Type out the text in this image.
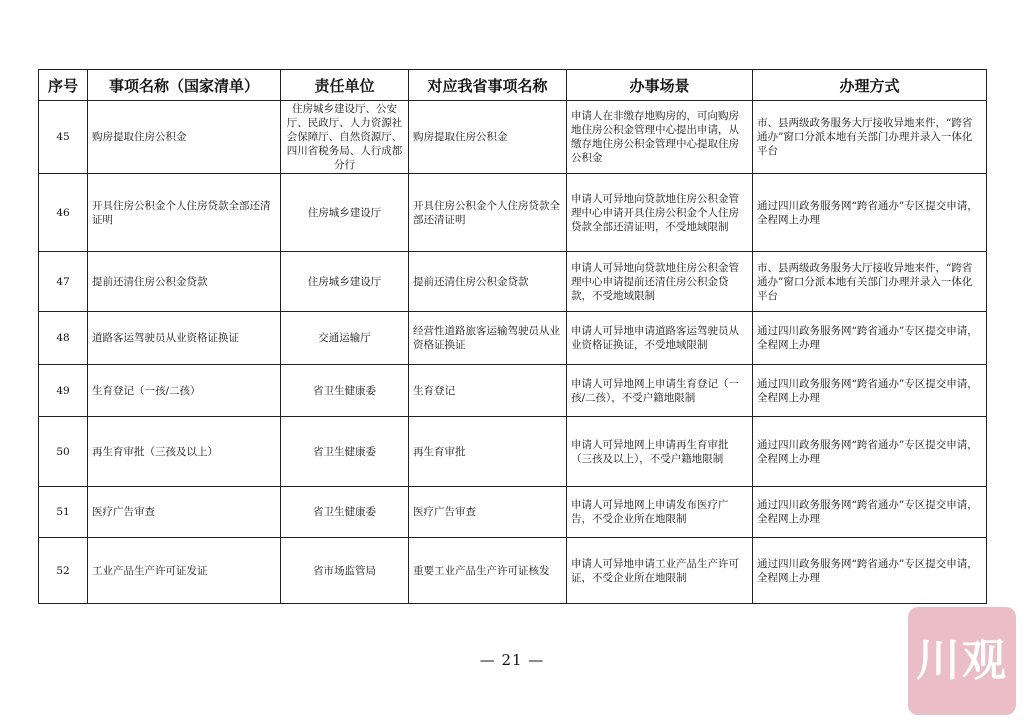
序号	事项名称（国家清单）	责任单位	对应我省事项名称	办事场景	办理方式
45	购房提取住房公积金	住房城乡建设厅、公安厅、民政厅、人力资源社会保障厅、自然资源厅、四川省税务局、人行成都分行	购房提取住房公积金	申请人在非缴存地购房的，可向购房地住房公积金管理中心提出申请，从缴存地住房公积金管理中心提取住房公积金	市、县两级政务服务大厅接收异地来件，“跨省通办”窗口分派本地有关部门办理并录入一体化平台
46	开具住房公积金个人住房贷款全部还清证明	住房城乡建设厅	开具住房公积金个人住房贷款全部还清证明	申请人可异地向贷款地住房公积金管理中心申请开具住房公积金个人住房贷款全部还清证明，不受地域限制	通过四川政务服务网“跨省通办”专区提交申请，全程网上办理
47	提前还清住房公积金贷款	住房城乡建设厅	提前还清住房公积金贷款	申请人可异地向贷款地住房公积金管理中心申请提前还清住房公积金贷款，不受地域限制	市、县两级政务服务大厅接收异地来件，“跨省通办”窗口分派本地有关部门办理并录入一体化平台
48	道路客运驾驶员从业资格证换证	交通运输厅	经营性道路旅客运输驾驶员从业资格证换证	申请人可异地申请道路客运驾驶员从业资格证换证，不受地域限制	通过四川政务服务网“跨省通办”专区提交申请，全程网上办理
49	生育登记（一孩/二孩）	省卫生健康委	生育登记	申请人可异地网上申请生育登记（一孩/二孩），不受户籍地限制	通过四川政务服务网“跨省通办”专区提交申请，全程网上办理
50	再生育审批（三孩及以上）	省卫生健康委	再生育审批	申请人可异地网上申请再生育审批（三孩及以上），不受户籍地限制	通过四川政务服务网“跨省通办”专区提交申请，全程网上办理
51	医疗广告审查	省卫生健康委	医疗广告审查	申请人可异地网上申请发布医疗广告，不受企业所在地限制	通过四川政务服务网“跨省通办”专区提交申请，全程网上办理
52	工业产品生产许可证发证	省市场监管局	重要工业产品生产许可证核发	申请人可异地申请工业产品生产许可证，不受企业所在地限制	通过四川政务服务网“跨省通办”专区提交申请，全程网上办理
— 21 —	川观
